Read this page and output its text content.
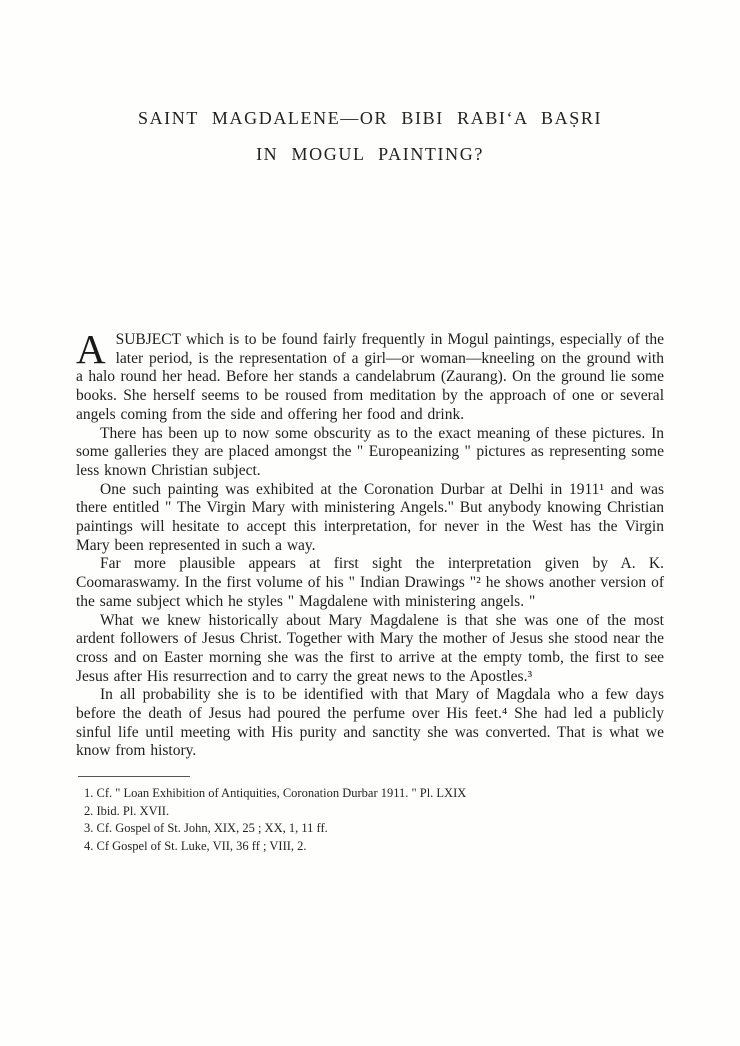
SAINT MAGDALENE—OR BIBI RABI‘A BAṢRI
IN MOGUL PAINTING?

A SUBJECT which is to be found fairly frequently in Mogul paintings, especially of the later period, is the representation of a girl—or woman—kneeling on the ground with a halo round her head. Before her stands a candelabrum (Zaurang). On the ground lie some books. She herself seems to be roused from meditation by the approach of one or several angels coming from the side and offering her food and drink.

There has been up to now some obscurity as to the exact meaning of these pictures. In some galleries they are placed amongst the " Europeanizing " pictures as representing some less known Christian subject.

One such painting was exhibited at the Coronation Durbar at Delhi in 1911¹ and was there entitled " The Virgin Mary with ministering Angels." But anybody knowing Christian paintings will hesitate to accept this interpretation, for never in the West has the Virgin Mary been represented in such a way.

Far more plausible appears at first sight the interpretation given by A. K. Coomaraswamy. In the first volume of his " Indian Drawings "² he shows another version of the same subject which he styles " Magdalene with ministering angels. "

What we knew historically about Mary Magdalene is that she was one of the most ardent followers of Jesus Christ. Together with Mary the mother of Jesus she stood near the cross and on Easter morning she was the first to arrive at the empty tomb, the first to see Jesus after His resurrection and to carry the great news to the Apostles.³

In all probability she is to be identified with that Mary of Magdala who a few days before the death of Jesus had poured the perfume over His feet.⁴ She had led a publicly sinful life until meeting with His purity and sanctity she was converted. That is what we know from history.

1. Cf. " Loan Exhibition of Antiquities, Coronation Durbar 1911. " Pl. LXIX

2. Ibid. Pl. XVII.

3. Cf. Gospel of St. John, XIX, 25 ; XX, 1, 11 ff.

4. Cf Gospel of St. Luke, VII, 36 ff ; VIII, 2.
